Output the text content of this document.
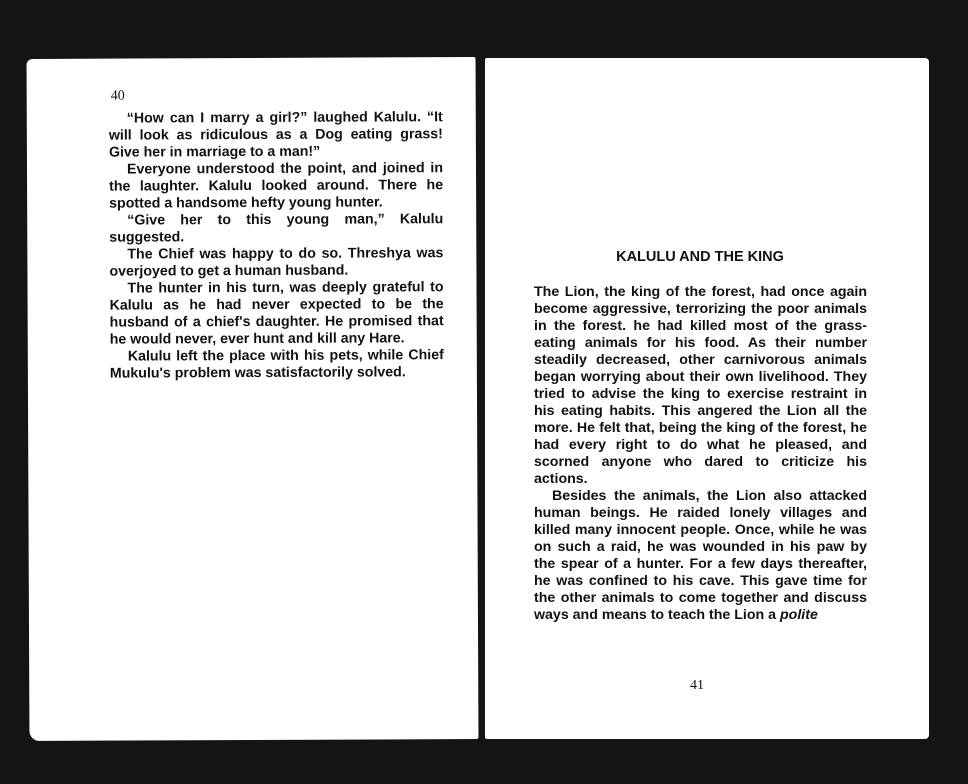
40

“How can I marry a girl?” laughed Kalulu. “It will look as ridiculous as a Dog eating grass! Give her in marriage to a man!”

Everyone understood the point, and joined in the laughter. Kalulu looked around. There he spotted a handsome hefty young hunter.

“Give her to this young man,” Kalulu suggested.

The Chief was happy to do so. Threshya was overjoyed to get a human husband.

The hunter in his turn, was deeply grateful to Kalulu as he had never expected to be the husband of a chief's daughter. He promised that he would never, ever hunt and kill any Hare.

Kalulu left the place with his pets, while Chief Mukulu's problem was satisfactorily solved.

KALULU AND THE KING

The Lion, the king of the forest, had once again become aggressive, terrorizing the poor animals in the forest. he had killed most of the grass-eating animals for his food. As their number steadily decreased, other carnivorous animals began worrying about their own livelihood. They tried to advise the king to exercise restraint in his eating habits. This angered the Lion all the more. He felt that, being the king of the forest, he had every right to do what he pleased, and scorned anyone who dared to criticize his actions.

Besides the animals, the Lion also attacked human beings. He raided lonely villages and killed many innocent people. Once, while he was on such a raid, he was wounded in his paw by the spear of a hunter. For a few days thereafter, he was confined to his cave. This gave time for the other animals to come together and discuss ways and means to teach the Lion a polite

41
